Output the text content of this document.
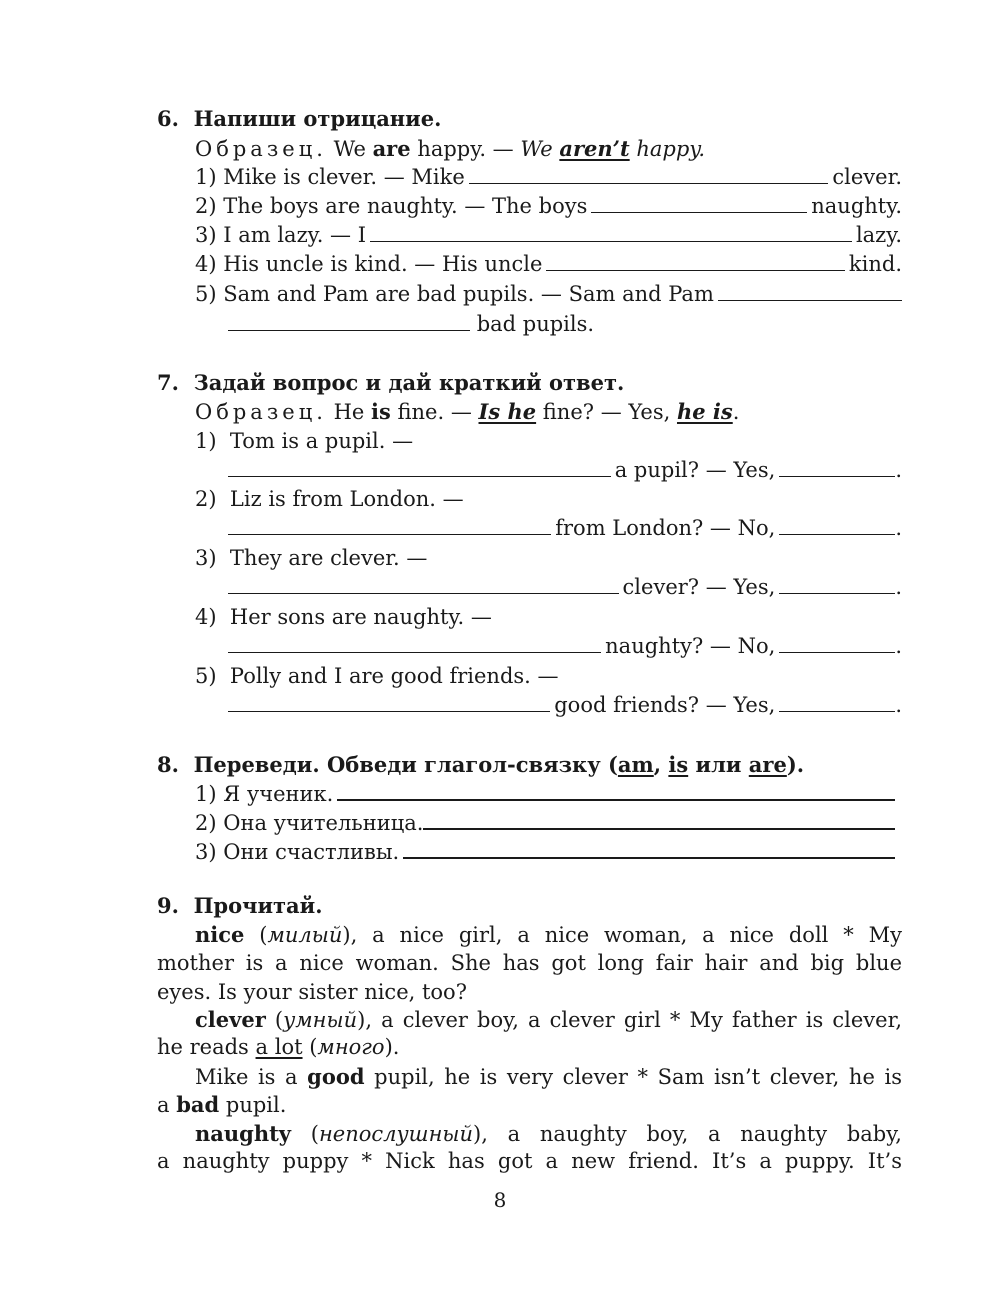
6. Напиши отрицание.
Образец. We are happy. — We aren’t happy.
1)
Mike is clever. — Mike	clever.
2)
The boys are naughty. — The boys	naughty.
3)
I am lazy. — I	lazy.
4)
His uncle is kind. — His uncle	kind.
5)
Sam and Pam are bad pupils. — Sam and Pam
bad pupils.
7. Задай вопрос и дай краткий ответ.
Образец. He is fine. — Is he fine? — Yes, he is.
1) Tom is a pupil. —
a pupil? — Yes,	.
2) Liz is from London. —
from London? — No,	.
3) They are clever. —
clever? — Yes,	.
4) Her sons are naughty. —
naughty? — No,	.
5) Polly and I are good friends. —
good friends? — Yes,	.
8. Переведи. Обведи глагол-связку (am, is или are).
1)
Я ученик.
2)
Она учительница.
3)
Они счастливы.
9. Прочитай.
nice (милый), a nice girl, a nice woman, a nice doll * My
mother is a nice woman. She has got long fair hair and big blue
eyes. Is your sister nice, too?
clever (умный), a clever boy, a clever girl * My father is clever,
he reads a lot (много).
Mike is a good pupil, he is very clever * Sam isn’t clever, he is
a bad pupil.
naughty (непослушный), a naughty boy, a naughty baby,
a naughty puppy * Nick has got a new friend. It’s a puppy. It’s
8
